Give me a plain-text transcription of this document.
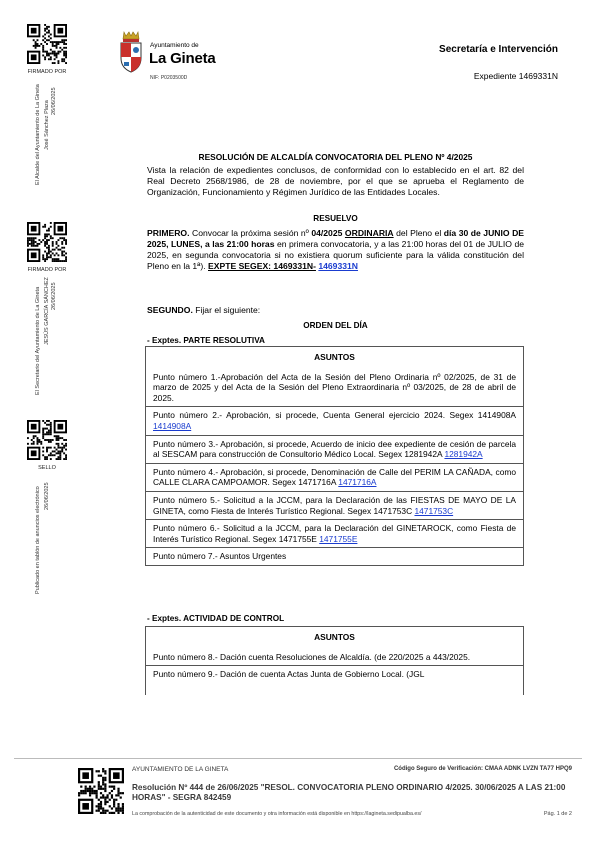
FIRMADO POR
El Alcalde del Ayuntamiento de La Gineta José Sánchez Plaza 26/06/2025
FIRMADO POR
El Secretario del Ayuntamiento de La Gineta JESÚS GARCÍA SÁNCHEZ 26/06/2025
SELLO
Publicado en tablón de anuncios electrónico 26/06/2025
Ayuntamiento de
La Gineta
NIF: P0203500D
Secretaría e Intervención
Expediente 1469331N
RESOLUCIÓN DE ALCALDÍA CONVOCATORIA DEL PLENO Nº 4/2025
Vista la relación de expedientes conclusos, de conformidad con lo establecido en el art. 82 del Real Decreto 2568/1986, de 28 de noviembre, por el que se aprueba el Reglamento de Organización, Funcionamiento y Régimen Jurídico de las Entidades Locales.
RESUELVO
PRIMERO. Convocar la próxima sesión nº 04/2025 ORDINARIA del Pleno el día 30 de JUNIO DE 2025, LUNES, a las 21:00 horas en primera convocatoria, y a las 21:00 horas del 01 de JULIO de 2025, en segunda convocatoria si no existiera quorum suficiente para la válida constitución del Pleno en la 1ª). EXPTE SEGEX: 1469331N- 1469331N
SEGUNDO. Fijar el siguiente:
ORDEN DEL DÍA
- Exptes. PARTE RESOLUTIVA
ASUNTOS
Punto número 1.-Aprobación del Acta de la Sesión del Pleno Ordinaria nº 02/2025, de 31 de marzo de 2025 y del Acta de la Sesión del Pleno Extraordinaria nº 03/2025, de 28 de abril de 2025.
Punto número 2.- Aprobación, si procede, Cuenta General ejercicio 2024. Segex 1414908A 1414908A
Punto número 3.- Aprobación, si procede, Acuerdo de inicio dee expediente de cesión de parcela al SESCAM para construcción de Consultorio Médico Local. Segex 1281942A 1281942A
Punto número 4.- Aprobación, si procede, Denominación de Calle del PERIM LA CAÑADA, como CALLE CLARA CAMPOAMOR. Segex 1471716A 1471716A
Punto número 5.- Solicitud a la JCCM, para la Declaración de las FIESTAS DE MAYO DE LA GINETA, como Fiesta de Interés Turístico Regional. Segex 1471753C 1471753C
Punto número 6.- Solicitud a la JCCM, para la Declaración del GINETAROCK, como Fiesta de Interés Turístico Regional. Segex 1471755E 1471755E
Punto número 7.- Asuntos Urgentes
- Exptes. ACTIVIDAD DE CONTROL
ASUNTOS
Punto número 8.- Dación cuenta Resoluciones de Alcaldía. (de 220/2025 a 443/2025.
Punto número 9.- Dación de cuenta Actas Junta de Gobierno Local. (JGL
AYUNTAMIENTO DE LA GINETA	Código Seguro de Verificación: CMAA ADNK LVZN TA77 HPQ9
Resolución Nº 444 de 26/06/2025 "RESOL. CONVOCATORIA PLENO ORDINARIO 4/2025. 30/06/2025 A LAS 21:00 HORAS" - SEGRA 842459
La comprobación de la autenticidad de este documento y otra información está disponible en https://lagineta.sedipualba.es/	Pág. 1 de 2
